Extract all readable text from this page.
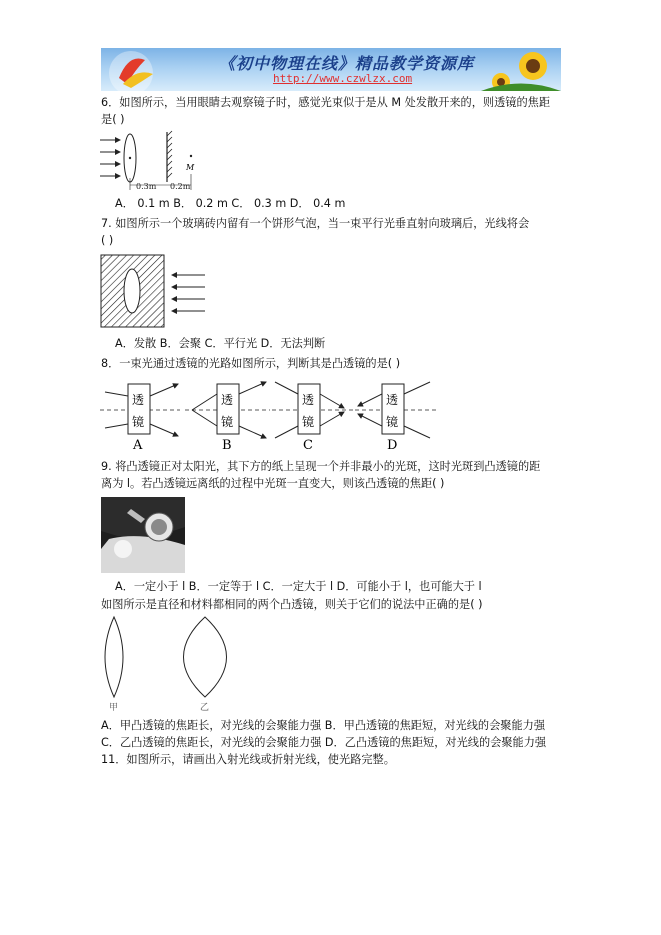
《初中物理在线》精品教学资源库
http://www.czwlzx.com
6．如图所示，当用眼睛去观察镜子时，感觉光束似于是从 M 处发散开来的，则透镜的焦距
是( )
M
0.3m 0.2m
A． 0.1 m B． 0.2 m C． 0.3 m D． 0.4 m
7. 如图所示一个玻璃砖内留有一个饼形气泡，当一束平行光垂直射向玻璃后，光线将会
( )
A．发散 B．会聚 C．平行光 D．无法判断
8．一束光通过透镜的光路如图所示，判断其是凸透镜的是( )
透
镜
A
透
镜
B
透
镜
C
透
镜
D
9. 将凸透镜正对太阳光，其下方的纸上呈现一个并非最小的光斑，这时光斑到凸透镜的距
离为 l。若凸透镜远离纸的过程中光斑一直变大，则该凸透镜的焦距( )
A．一定小于 l B．一定等于 l C．一定大于 l D．可能小于 l，也可能大于 l
如图所示是直径和材料都相同的两个凸透镜，则关于它们的说法中正确的是( )
甲	乙
A．甲凸透镜的焦距长，对光线的会聚能力强 B．甲凸透镜的焦距短，对光线的会聚能力强
C．乙凸透镜的焦距长，对光线的会聚能力强 D．乙凸透镜的焦距短，对光线的会聚能力强
11．如图所示，请画出入射光线或折射光线，使光路完整。
